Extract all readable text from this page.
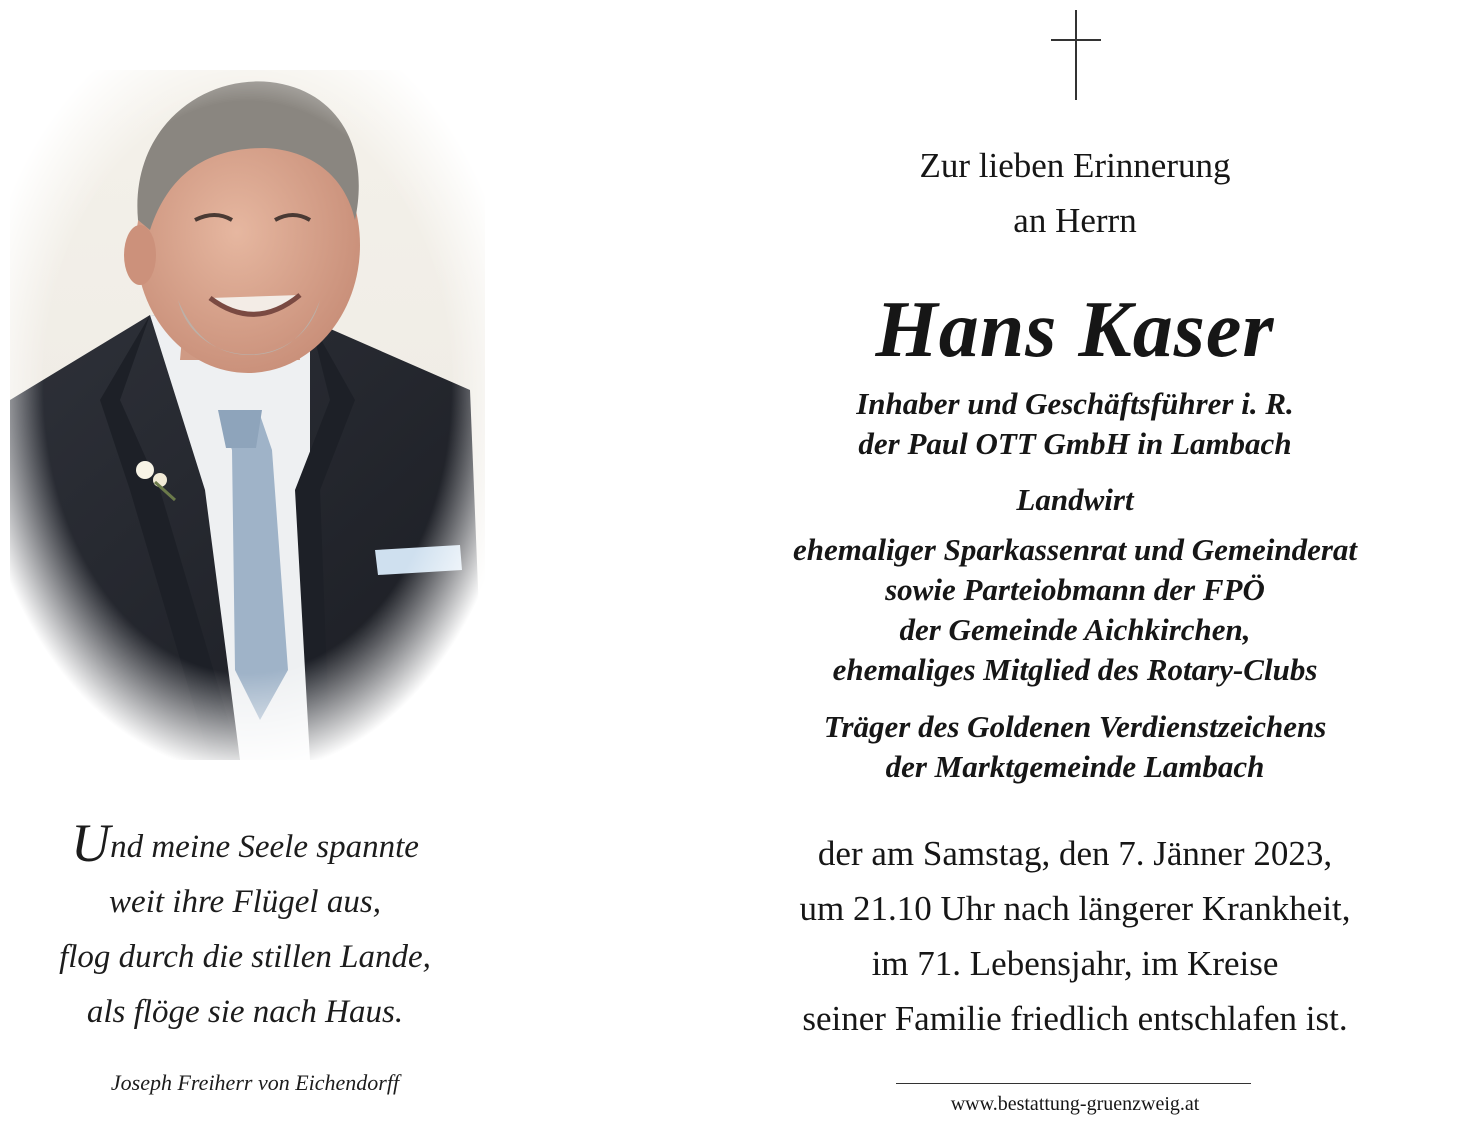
Und meine Seele spannte
weit ihre Flügel aus,
flog durch die stillen Lande,
als flöge sie nach Haus.
Joseph Freiherr von Eichendorff
Zur lieben Erinnerung
an Herrn
Hans Kaser
Inhaber und Geschäftsführer i. R.
der Paul OTT GmbH in Lambach
Landwirt
ehemaliger Sparkassenrat und Gemeinderat
sowie Parteiobmann der FPÖ
der Gemeinde Aichkirchen,
ehemaliges Mitglied des Rotary-Clubs
Träger des Goldenen Verdienstzeichens
der Marktgemeinde Lambach
der am Samstag, den 7. Jänner 2023,
um 21.10 Uhr nach längerer Krankheit,
im 71. Lebensjahr, im Kreise
seiner Familie friedlich entschlafen ist.
www.bestattung-gruenzweig.at
